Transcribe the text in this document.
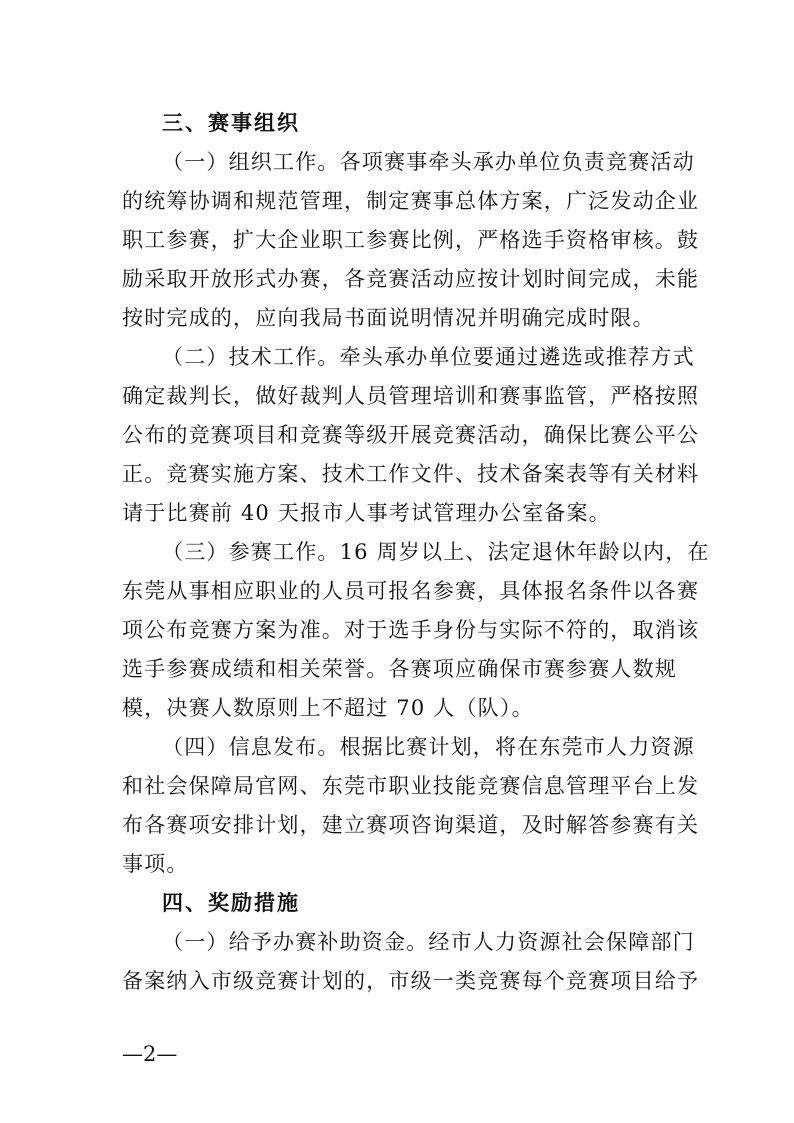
三、赛事组织
（一）组织工作。各项赛事牵头承办单位负责竞赛活动
的统筹协调和规范管理，制定赛事总体方案，广泛发动企业
职工参赛，扩大企业职工参赛比例，严格选手资格审核。鼓
励采取开放形式办赛，各竞赛活动应按计划时间完成，未能
按时完成的，应向我局书面说明情况并明确完成时限。
（二）技术工作。牵头承办单位要通过遴选或推荐方式
确定裁判长，做好裁判人员管理培训和赛事监管，严格按照
公布的竞赛项目和竞赛等级开展竞赛活动，确保比赛公平公
正。竞赛实施方案、技术工作文件、技术备案表等有关材料
请于比赛前 40 天报市人事考试管理办公室备案。
（三）参赛工作。16 周岁以上、法定退休年龄以内，在
东莞从事相应职业的人员可报名参赛，具体报名条件以各赛
项公布竞赛方案为准。对于选手身份与实际不符的，取消该
选手参赛成绩和相关荣誉。各赛项应确保市赛参赛人数规
模，决赛人数原则上不超过 70 人（队）。
（四）信息发布。根据比赛计划，将在东莞市人力资源
和社会保障局官网、东莞市职业技能竞赛信息管理平台上发
布各赛项安排计划，建立赛项咨询渠道，及时解答参赛有关
事项。
四、奖励措施
（一）给予办赛补助资金。经市人力资源社会保障部门
备案纳入市级竞赛计划的，市级一类竞赛每个竞赛项目给予
—2—
